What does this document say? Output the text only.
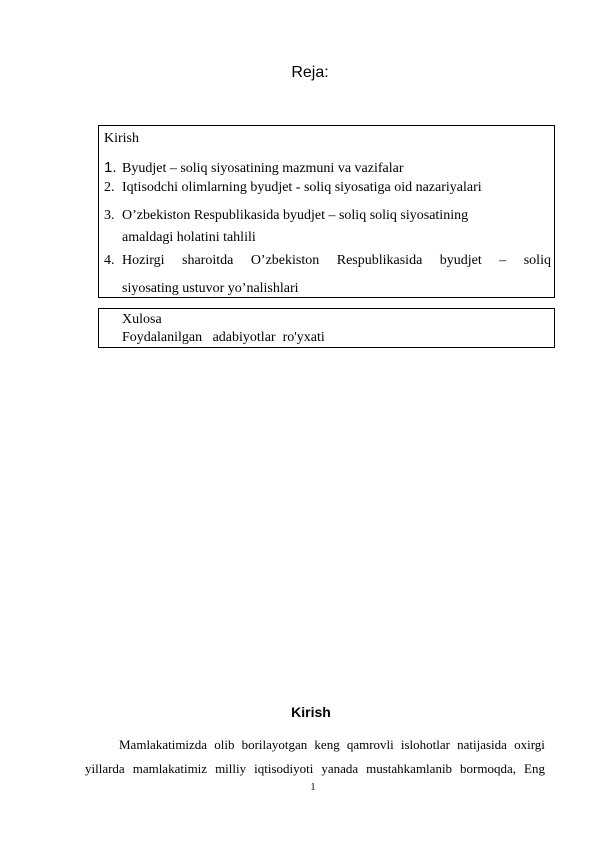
Reja:
Kirish
1. Byudjet – soliq siyosatining mazmuni va vazifalar
2. Iqtisodchi olimlarning byudjet - soliq siyosatiga oid nazariyalari
3. O’zbekiston Respublikasida byudjet – soliq soliq siyosatining
amaldagi holatini tahlili
4. Hozirgi sharoitda O’zbekiston Respublikasida byudjet – soliq
siyosating ustuvor yo’nalishlari
Xulosa
Foydalanilgan   adabiyotlar  ro'yxati
Kirish
Mamlakatimizda olib borilayotgan keng qamrovli islohotlar natijasida oxirgi
yillarda mamlakatimiz milliy iqtisodiyoti yanada mustahkamlanib bormoqda, Eng
1
